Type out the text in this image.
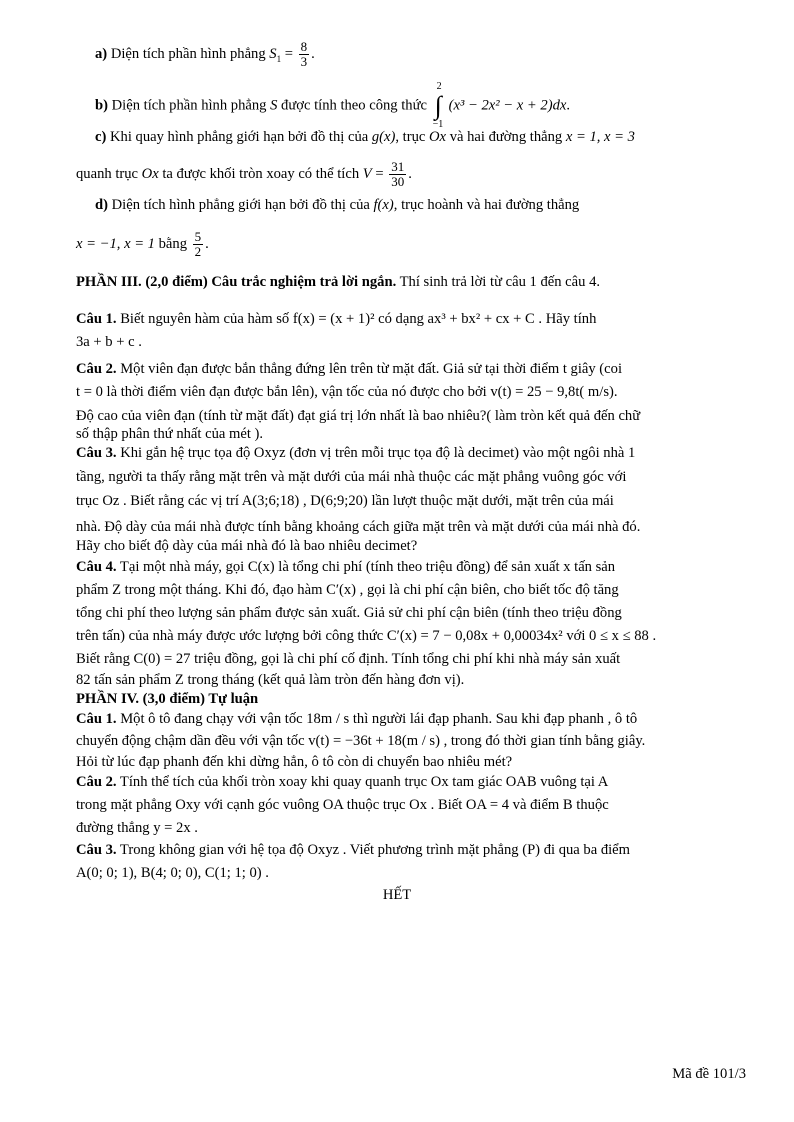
a) Diện tích phần hình phẳng $S_1 = \frac{8}{3}$ .
b) Diện tích phần hình phẳng S được tính theo công thức
2
∫
−1
(x³ − 2x² − x + 2)dx.
c) Khi quay hình phẳng giới hạn bởi đồ thị của g(x), trục Ox và hai đường thẳng x = 1, x = 3
quanh trục Ox ta được khối tròn xoay có thể tích $V = \frac{31}{30}$ .
d) Diện tích hình phẳng giới hạn bởi đồ thị của f(x), trục hoành và hai đường thẳng
x = −1, x = 1 bằng $\frac{5}{2}$ .
PHẦN III. (2,0 điểm) Câu trắc nghiệm trả lời ngắn. Thí sinh trả lời từ câu 1 đến câu 4.
Câu 1. Biết nguyên hàm của hàm số f(x) = (x + 1)² có dạng ax³ + bx² + cx + C . Hãy tính
3a + b + c .
Câu 2. Một viên đạn được bắn thẳng đứng lên trên từ mặt đất. Giả sử tại thời điểm t giây (coi
t = 0 là thời điểm viên đạn được bắn lên), vận tốc của nó được cho bởi v(t) = 25 − 9,8t( m/s).
Độ cao của viên đạn (tính từ mặt đất) đạt giá trị lớn nhất là bao nhiêu?( làm tròn kết quả đến chữ
số thập phân thứ nhất của mét ).
Câu 3. Khi gắn hệ trục tọa độ Oxyz (đơn vị trên mỗi trục tọa độ là decimet) vào một ngôi nhà 1
tầng, người ta thấy rằng mặt trên và mặt dưới của mái nhà thuộc các mặt phẳng vuông góc với
trục Oz . Biết rằng các vị trí A(3;6;18) , D(6;9;20) lần lượt thuộc mặt dưới, mặt trên của mái
nhà. Độ dày của mái nhà được tính bằng khoảng cách giữa mặt trên và mặt dưới của mái nhà đó.
Hãy cho biết độ dày của mái nhà đó là bao nhiêu decimet?
Câu 4. Tại một nhà máy, gọi C(x) là tổng chi phí (tính theo triệu đồng) để sản xuất x tấn sản
phẩm Z trong một tháng. Khi đó, đạo hàm C′(x) , gọi là chi phí cận biên, cho biết tốc độ tăng
tổng chi phí theo lượng sản phẩm được sản xuất. Giả sử chi phí cận biên (tính theo triệu đồng
trên tấn) của nhà máy được ước lượng bởi công thức C′(x) = 7 − 0,08x + 0,00034x² với 0 ≤ x ≤ 88 .
Biết rằng C(0) = 27 triệu đồng, gọi là chi phí cố định. Tính tổng chi phí khi nhà máy sản xuất
82 tấn sản phẩm Z trong tháng (kết quả làm tròn đến hàng đơn vị).
PHẦN IV. (3,0 điểm) Tự luận
Câu 1. Một ô tô đang chạy với vận tốc 18m / s thì người lái đạp phanh. Sau khi đạp phanh , ô tô
chuyển động chậm dần đều với vận tốc v(t) = −36t + 18(m / s) , trong đó thời gian tính bằng giây.
Hỏi từ lúc đạp phanh đến khi dừng hẳn, ô tô còn di chuyển bao nhiêu mét?
Câu 2. Tính thể tích của khối tròn xoay khi quay quanh trục Ox tam giác OAB vuông tại A
trong mặt phẳng Oxy với cạnh góc vuông OA thuộc trục Ox . Biết OA = 4 và điểm B thuộc
đường thẳng y = 2x .
Câu 3. Trong không gian với hệ tọa độ Oxyz . Viết phương trình mặt phẳng (P) đi qua ba điểm
A(0; 0; 1), B(4; 0; 0), C(1; 1; 0) .
HẾT
Mã đề 101/3
